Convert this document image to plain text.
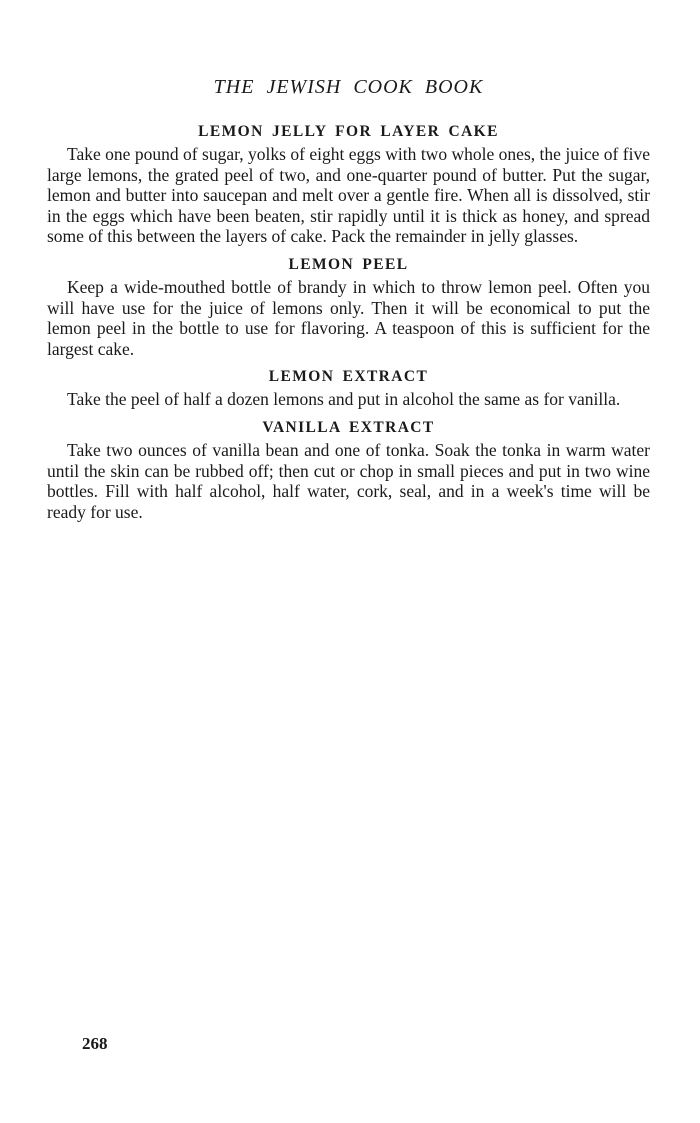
THE JEWISH COOK BOOK
LEMON JELLY FOR LAYER CAKE

Take one pound of sugar, yolks of eight eggs with two whole ones, the juice of five large lemons, the grated peel of two, and one-quarter pound of butter. Put the sugar, lemon and butter into saucepan and melt over a gentle fire. When all is dissolved, stir in the eggs which have been beaten, stir rapidly until it is thick as honey, and spread some of this between the layers of cake. Pack the remainder in jelly glasses.

LEMON PEEL

Keep a wide-mouthed bottle of brandy in which to throw lemon peel. Often you will have use for the juice of lemons only. Then it will be economical to put the lemon peel in the bottle to use for flavoring. A teaspoon of this is sufficient for the largest cake.

LEMON EXTRACT

Take the peel of half a dozen lemons and put in alcohol the same as for vanilla.

VANILLA EXTRACT

Take two ounces of vanilla bean and one of tonka. Soak the tonka in warm water until the skin can be rubbed off; then cut or chop in small pieces and put in two wine bottles. Fill with half alcohol, half water, cork, seal, and in a week's time will be ready for use.

268
